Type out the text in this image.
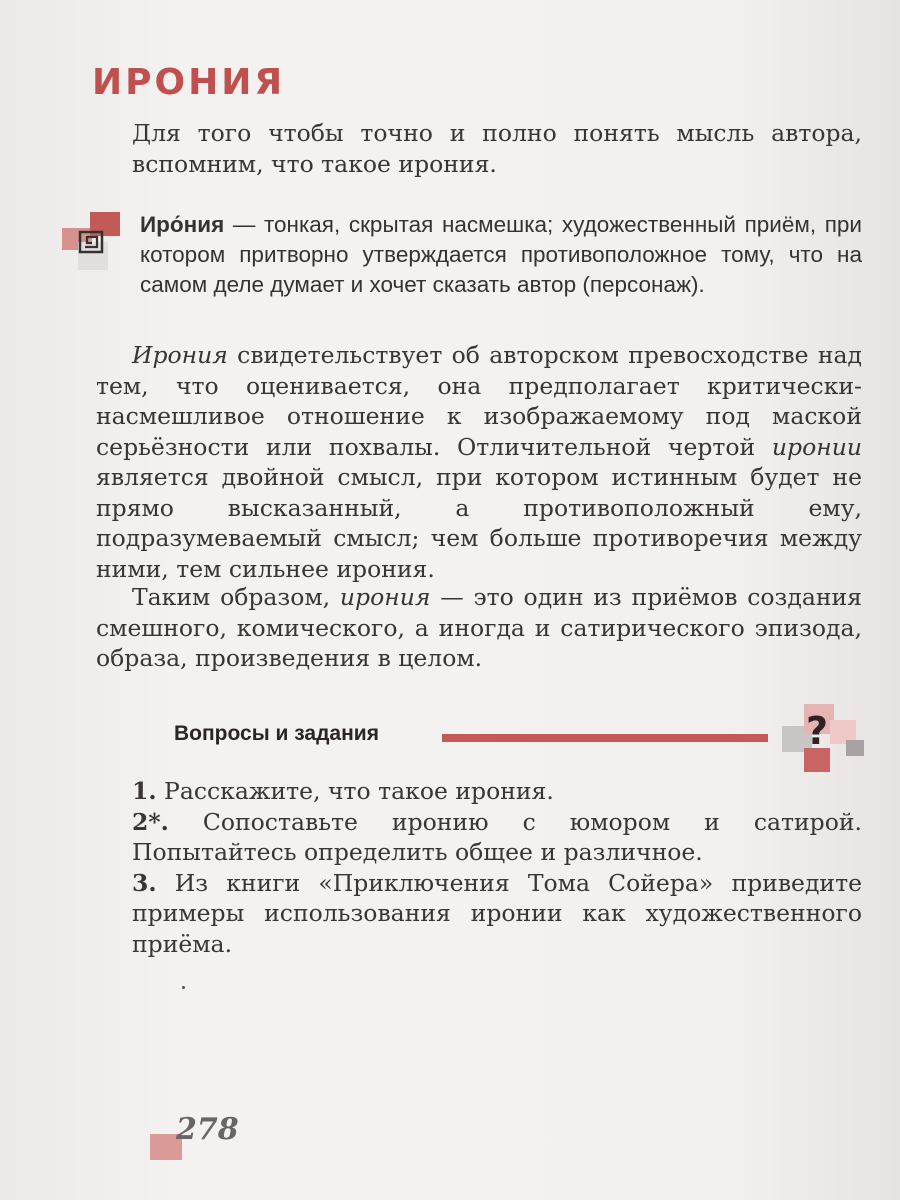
ИРОНИЯ

Для того чтобы точно и полно понять мысль автора, вспомним, что такое ирония.

Иро́ния — тонкая, скрытая насмешка; художественный приём, при котором притворно утверждается противоположное тому, что на самом деле думает и хочет сказать автор (персонаж).

Ирония свидетельствует об авторском превосходстве над тем, что оценивается, она предполагает критически-насмешливое отношение к изображаемому под маской серьёзности или похвалы. Отличительной чертой иронии является двойной смысл, при котором истинным будет не прямо высказанный, а противоположный ему, подразумеваемый смысл; чем больше противоречия между ними, тем сильнее ирония.

Таким образом, ирония — это один из приёмов создания смешного, комического, а иногда и сатирического эпизода, образа, произведения в целом.

Вопросы и задания	?

1. Расскажите, что такое ирония.

2*. Сопоставьте иронию с юмором и сатирой. Попытайтесь определить общее и различное.

3. Из книги «Приключения Тома Сойера» приведите примеры использования иронии как художественного приёма.

278
